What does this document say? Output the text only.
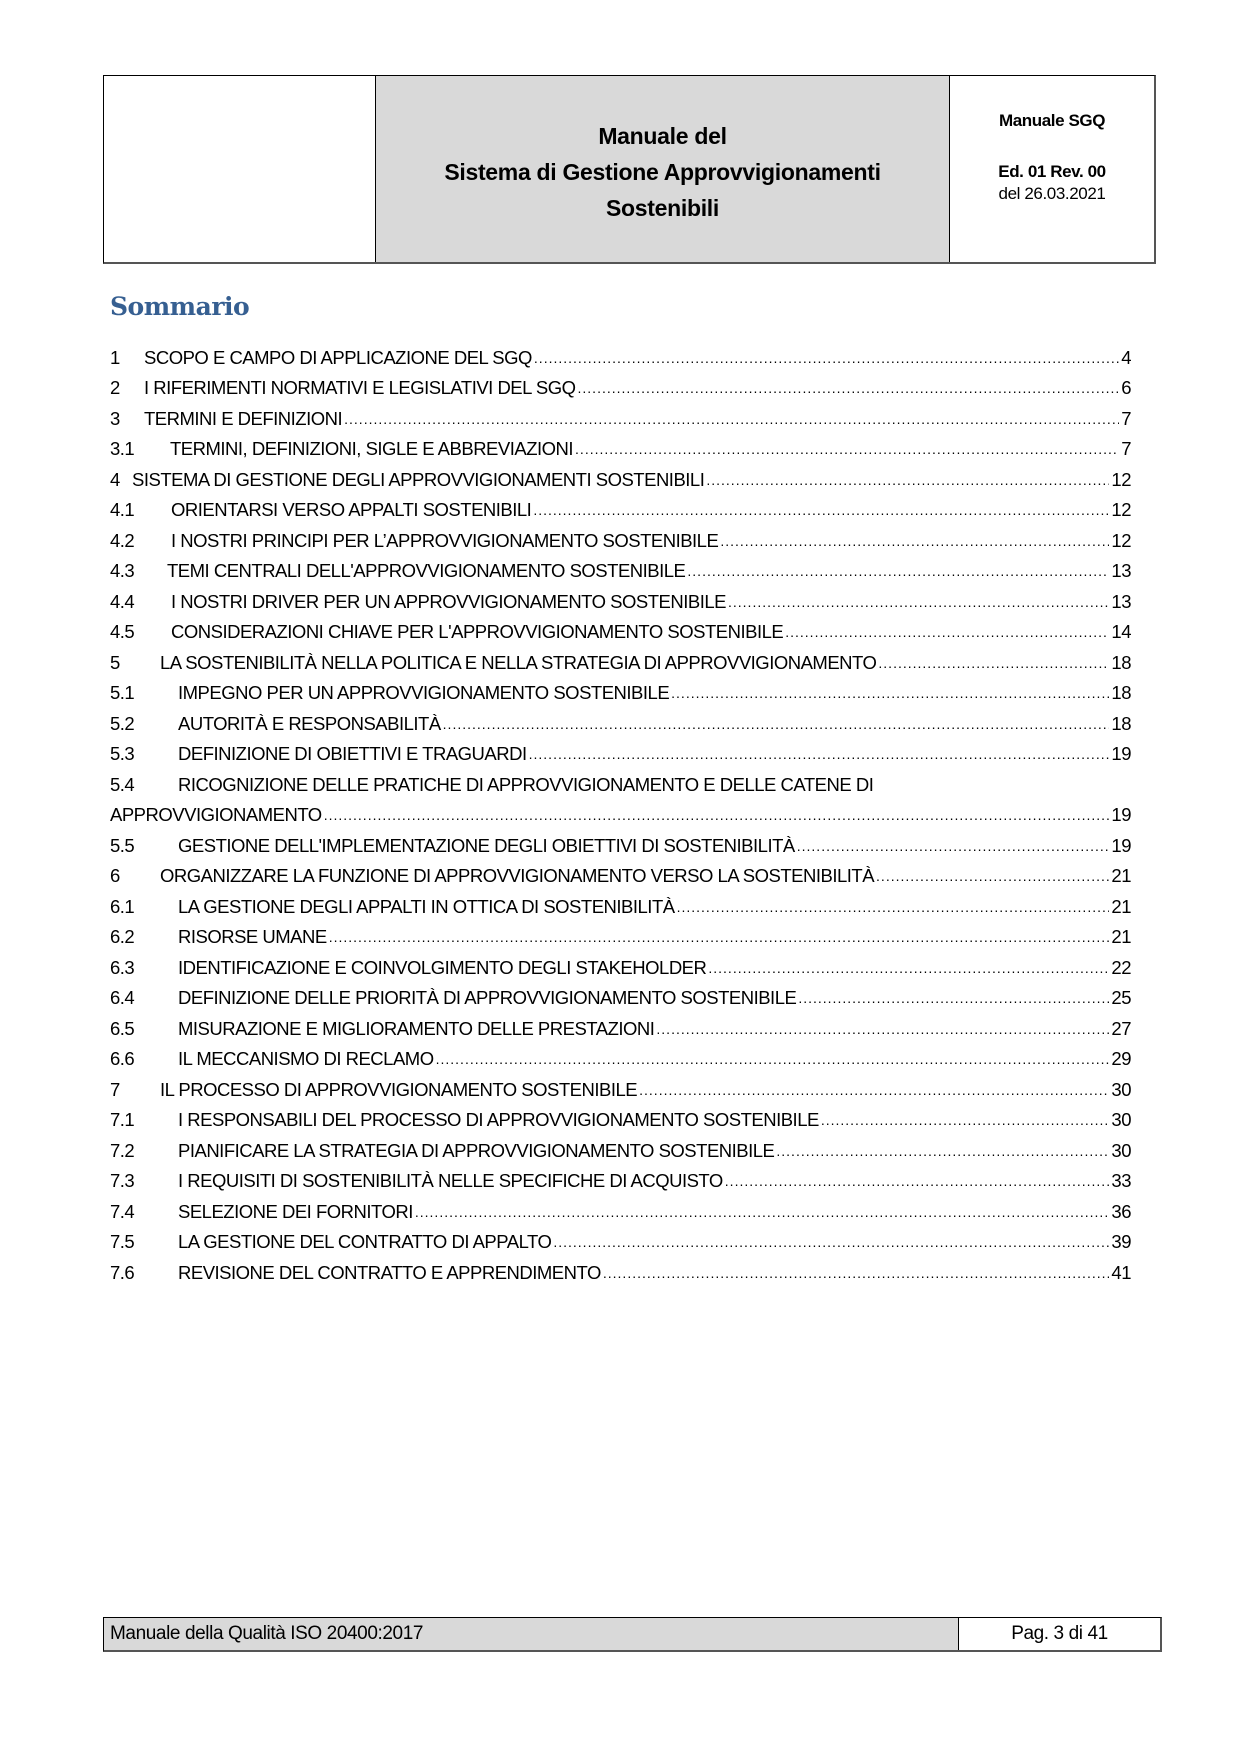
Manuale del
Sistema di Gestione Approvvigionamenti
Sostenibili
Manuale SGQ
Ed. 01 Rev. 00
del 26.03.2021
Sommario
1	SCOPO E CAMPO DI APPLICAZIONE DEL SGQ .....	4
2	I RIFERIMENTI NORMATIVI E LEGISLATIVI DEL SGQ .....	6
3	TERMINI E DEFINIZIONI .....	7
3.1	TERMINI, DEFINIZIONI, SIGLE E ABBREVIAZIONI .....	7
4 SISTEMA DI GESTIONE DEGLI APPROVVIGIONAMENTI SOSTENIBILI .....	12
4.1	ORIENTARSI VERSO APPALTI SOSTENIBILI .....	12
4.2	I NOSTRI PRINCIPI PER L’APPROVVIGIONAMENTO SOSTENIBILE .....	12
4.3	TEMI CENTRALI DELL'APPROVVIGIONAMENTO SOSTENIBILE .....	13
4.4	I NOSTRI DRIVER PER UN APPROVVIGIONAMENTO SOSTENIBILE .....	13
4.5	CONSIDERAZIONI CHIAVE PER L'APPROVVIGIONAMENTO SOSTENIBILE .....	14
5	LA SOSTENIBILITÀ NELLA POLITICA E NELLA STRATEGIA DI APPROVVIGIONAMENTO .....	18
5.1	IMPEGNO PER UN APPROVVIGIONAMENTO SOSTENIBILE .....	18
5.2	AUTORITÀ E RESPONSABILITÀ .....	18
5.3	DEFINIZIONE DI OBIETTIVI E TRAGUARDI .....	19
5.4	RICOGNIZIONE DELLE PRATICHE DI APPROVVIGIONAMENTO E DELLE CATENE DI
APPROVVIGIONAMENTO .....	19
5.5	GESTIONE DELL'IMPLEMENTAZIONE DEGLI OBIETTIVI DI SOSTENIBILITÀ .....	19
6	ORGANIZZARE LA FUNZIONE DI APPROVVIGIONAMENTO VERSO LA SOSTENIBILITÀ .....	21
6.1	LA GESTIONE DEGLI APPALTI IN OTTICA DI SOSTENIBILITÀ .....	21
6.2	RISORSE UMANE .....	21
6.3	IDENTIFICAZIONE E COINVOLGIMENTO DEGLI STAKEHOLDER .....	22
6.4	DEFINIZIONE DELLE PRIORITÀ DI APPROVVIGIONAMENTO SOSTENIBILE .....	25
6.5	MISURAZIONE E MIGLIORAMENTO DELLE PRESTAZIONI .....	27
6.6	IL MECCANISMO DI RECLAMO .....	29
7	IL PROCESSO DI APPROVVIGIONAMENTO SOSTENIBILE .....	30
7.1	I RESPONSABILI DEL PROCESSO DI APPROVVIGIONAMENTO SOSTENIBILE .....	30
7.2	PIANIFICARE LA STRATEGIA DI APPROVVIGIONAMENTO SOSTENIBILE .....	30
7.3	I REQUISITI DI SOSTENIBILITÀ NELLE SPECIFICHE DI ACQUISTO .....	33
7.4	SELEZIONE DEI FORNITORI .....	36
7.5	LA GESTIONE DEL CONTRATTO DI APPALTO .....	39
7.6	REVISIONE DEL CONTRATTO E APPRENDIMENTO .....	41
Manuale della Qualità ISO 20400:2017	Pag. 3 di 41
